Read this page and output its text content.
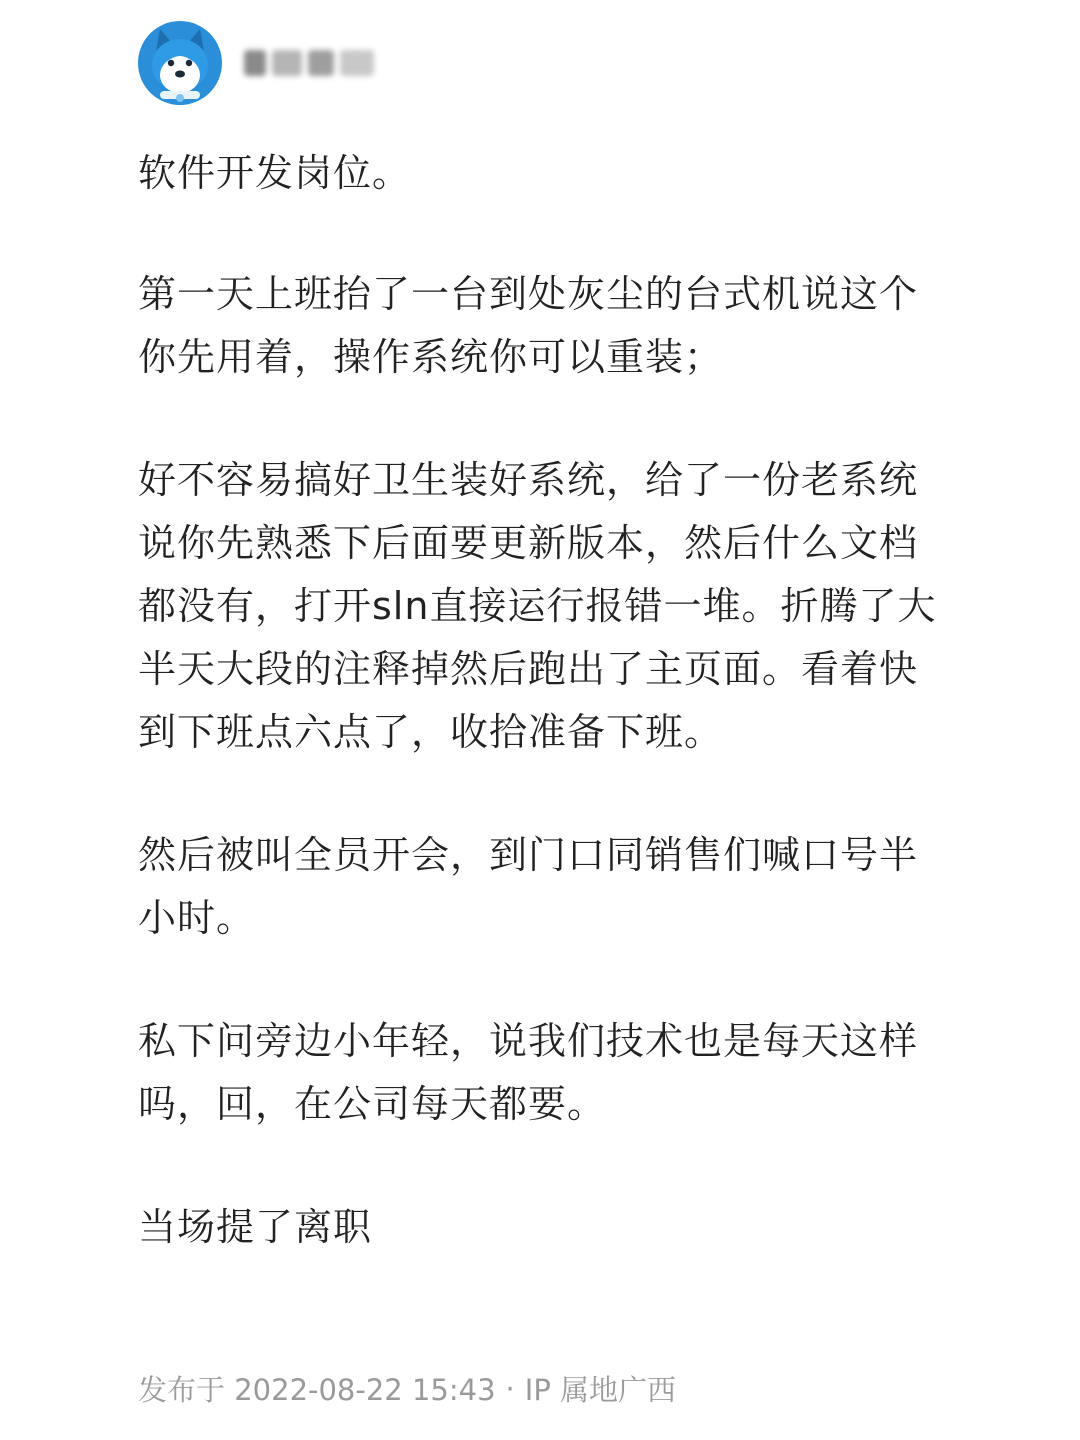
软件开发岗位。

第一天上班抬了一台到处灰尘的台式机说这个你先用着，操作系统你可以重装；

好不容易搞好卫生装好系统，给了一份老系统说你先熟悉下后面要更新版本，然后什么文档都没有，打开sln直接运行报错一堆。折腾了大半天大段的注释掉然后跑出了主页面。看着快到下班点六点了，收拾准备下班。

然后被叫全员开会，到门口同销售们喊口号半小时。

私下问旁边小年轻，说我们技术也是每天这样吗，回，在公司每天都要。

当场提了离职

发布于 2022-08-22 15:43 · IP 属地广西
